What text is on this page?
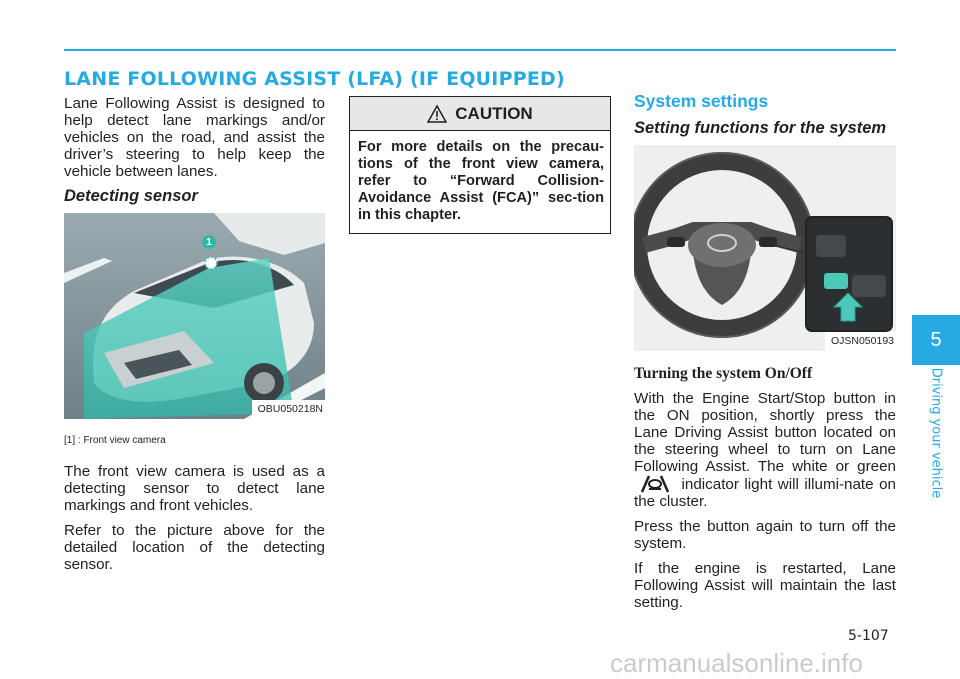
LANE FOLLOWING ASSIST (LFA) (IF EQUIPPED)

Lane Following Assist is designed to help detect lane markings and/or vehicles on the road, and assist the driver’s steering to help keep the vehicle between lanes.

Detecting sensor
1
OBU050218N
[1] : Front view camera

The front view camera is used as a detecting sensor to detect lane markings and front vehicles.

Refer to the picture above for the detailed location of the detecting sensor.

CAUTION
For more details on the precau-tions of the front view camera, refer to “Forward Collision-Avoidance Assist (FCA)” sec-tion in this chapter.
System settings
Setting functions for the system
OJSN050193
Turning the system On/Off

With the Engine Start/Stop button in the ON position, shortly press the Lane Driving Assist button located on the steering wheel to turn on Lane Following Assist. The white or green  indicator light will illumi-nate on the cluster.

Press the button again to turn off the system.

If the engine is restarted, Lane Following Assist will maintain the last setting.

5
Driving your vehicle
5-107
carmanualsonline.info
